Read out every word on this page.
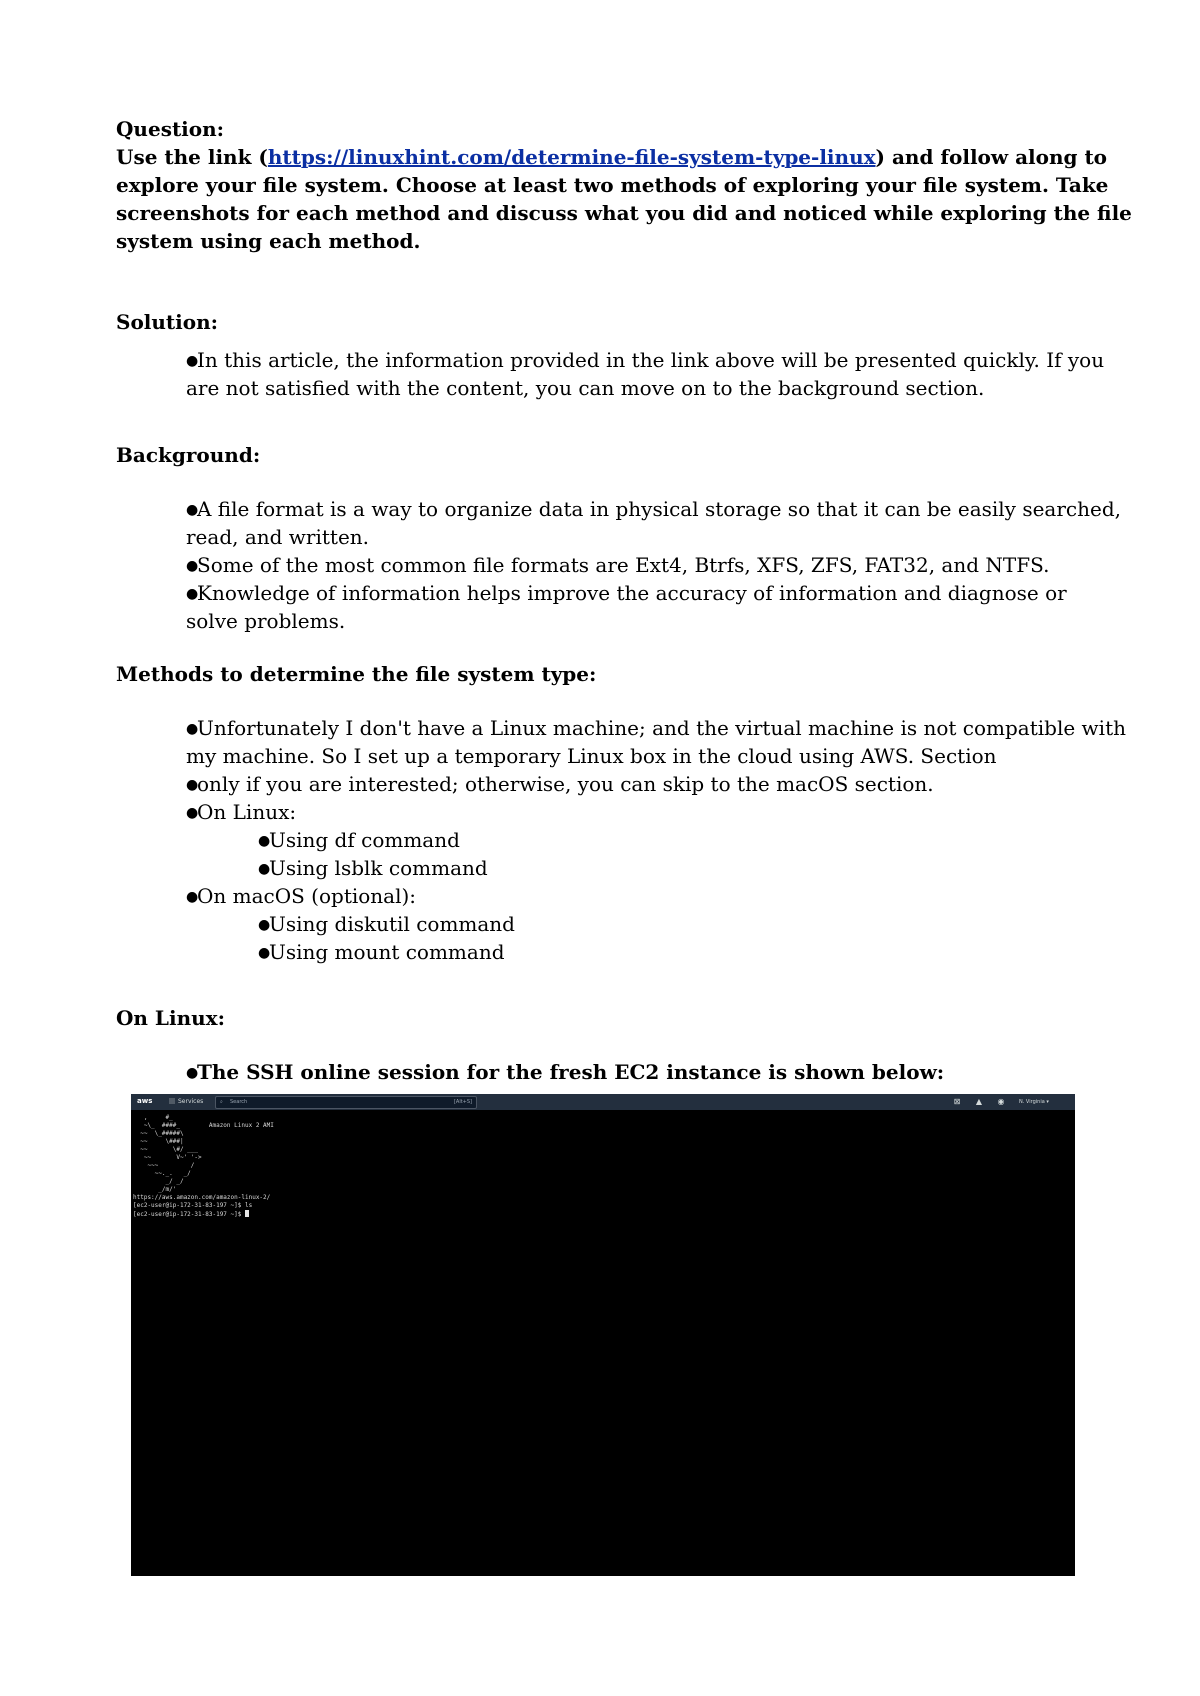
Question:
Use the link (https://linuxhint.com/determine-file-system-type-linux) and follow along to
explore your file system. Choose at least two methods of exploring your file system. Take
screenshots for each method and discuss what you did and noticed while exploring the file
system using each method.
Solution:
●In this article, the information provided in the link above will be presented quickly. If you
are not satisfied with the content, you can move on to the background section.
Background:
●A file format is a way to organize data in physical storage so that it can be easily searched,
read, and written.
●Some of the most common file formats are Ext4, Btrfs, XFS, ZFS, FAT32, and NTFS.
●Knowledge of information helps improve the accuracy of information and diagnose or
solve problems.
Methods to determine the file system type:
●Unfortunately I don't have a Linux machine; and the virtual machine is not compatible with
my machine. So I set up a temporary Linux box in the cloud using AWS. Section
●only if you are interested; otherwise, you can skip to the macOS section.
●On Linux:
●Using df command
●Using lsblk command
●On macOS (optional):
●Using diskutil command
●Using mount command
On Linux:
●The SSH online session for the fresh EC2 instance is shown below:
aws	Services	⌕ Search	[Alt+S]	⊠	▲	◉	N. Virginia ▾
,     #_
~\_  ####_        Amazon Linux 2 AMI
~~  \_#####\
~~     \###|
~~       \#/ ___
~~       V~' '->
~~~         /
~~._.   _/
_/ _/
_/m/'
https://aws.amazon.com/amazon-linux-2/
[ec2-user@ip-172-31-83-197 ~]$ ls
[ec2-user@ip-172-31-83-197 ~]$
